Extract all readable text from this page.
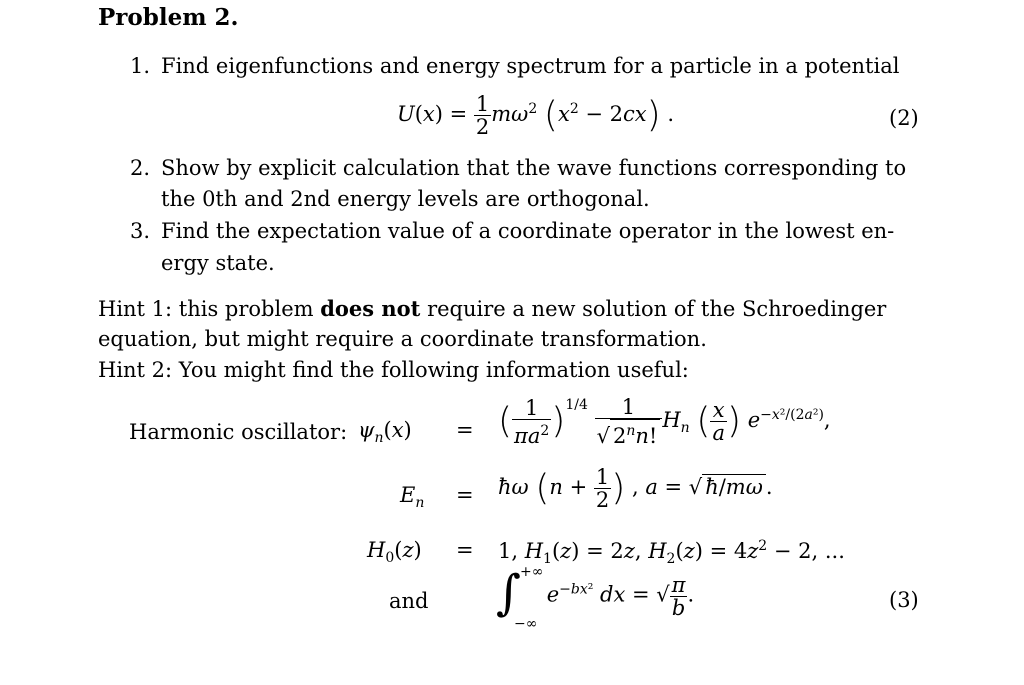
Problem 2.
1. Find eigenfunctions and energy spectrum for a particle in a potential
$U(x) = \frac{1}{2} m\omega^2$ $(x^2 - 2cx)$ .	(2)
2. Show by explicit calculation that the wave functions corresponding to
the 0th and 2nd energy levels are orthogonal.
3. Find the expectation value of a coordinate operator in the lowest en-
ergy state.
Hint 1: this problem does not require a new solution of the Schroedinger
equation, but might require a coordinate transformation.
Hint 2: You might find the following information useful:
Harmonic oscillator: $\psi_n(x)$ = ( $\frac{1}{\pi a^2} )^{1/4} \frac{1}{√ 2^nn!} H_n$ ( $\frac{x}{a}$ ) $e^{-x^2/(2a^2)}$,
$E_n$ = ħω ($n + \frac{1}{2}$ ) , a = √ ħ/mω .
$H_0(z) = 1$, $H_1(z) = 2z$, $H_2(z) = 4z^2 - 2$, ...
and ∫
+∞
−∞
$e^{-bx^2}$ dx = √ $\frac{\pi}{b}$ .	(3)
